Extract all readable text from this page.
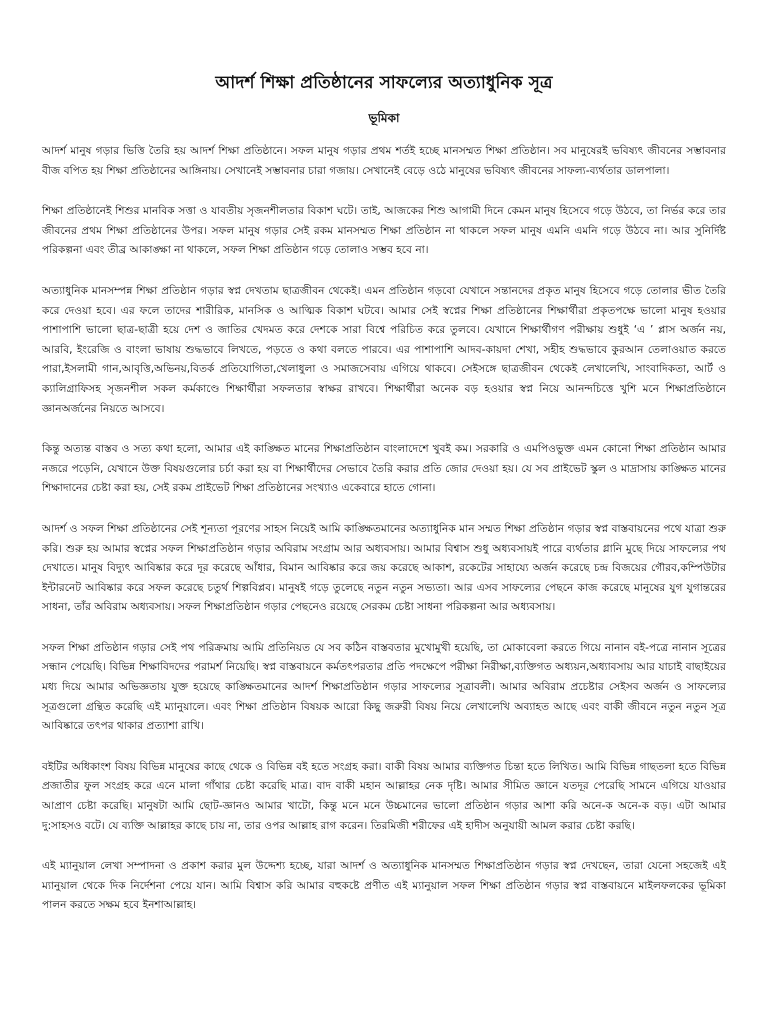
আদর্শ শিক্ষা প্রতিষ্ঠানের সাফল্যের অত্যাধুনিক সূত্র
ভূমিকা

আদর্শ মানুষ গড়ার ভিত্তি তৈরি হয় আদর্শ শিক্ষা প্রতিষ্ঠানে। সফল মানুষ গড়ার প্রথম শর্তই হচ্ছে মানসম্মত শিক্ষা প্রতিষ্ঠান। সব মানুষেরই ভবিষ্যৎ জীবনের সম্ভাবনার বীজ বপিত হয় শিক্ষা প্রতিষ্ঠানের আঙ্গিনায়। সেখানেই সম্ভাবনার চারা গজায়। সেখানেই বেড়ে ওঠে মানুষের ভবিষ্যৎ জীবনের সাফল্য-ব্যর্থতার ডালপালা।

শিক্ষা প্রতিষ্ঠানেই শিশুর মানবিক সত্তা ও যাবতীয় সৃজনশীলতার বিকাশ ঘটে। তাই, আজকের শিশু আগামী দিনে কেমন মানুষ হিসেবে গড়ে উঠবে, তা নির্ভর করে তার জীবনের প্রথম শিক্ষা প্রতিষ্ঠানের উপর। সফল মানুষ গড়ার সেই রকম মানসম্মত শিক্ষা প্রতিষ্ঠান না থাকলে সফল মানুষ এমনি এমনি গড়ে উঠবে না। আর সুনির্দিষ্ট পরিকল্পনা এবং তীব্র আকাঙ্ক্ষা না থাকলে, সফল শিক্ষা প্রতিষ্ঠান গড়ে তোলাও সম্ভব হবে না।

অত্যাধুনিক মানসম্পন্ন শিক্ষা প্রতিষ্ঠান গড়ার স্বপ্ন দেখতাম ছাত্রজীবন থেকেই। এমন প্রতিষ্ঠান গড়বো যেখানে সন্তানদের প্রকৃত মানুষ হিসেবে গড়ে তোলার ভীত তৈরি করে দেওয়া হবে। এর ফলে তাদের শারীরিক, মানসিক ও আত্মিক বিকাশ ঘটবে। আমার সেই স্বপ্নের শিক্ষা প্রতিষ্ঠানের শিক্ষার্থীরা প্রকৃতপক্ষে ভালো মানুষ হওয়ার পাশাপাশি ভালো ছাত্র-ছাত্রী হয়ে দেশ ও জাতির খেদমত করে দেশকে সারা বিশ্বে পরিচিত করে তুলবে। যেখানে শিক্ষার্থীগণ পরীক্ষায় শুধুই ‘এ ’ প্লাস অর্জন নয়, আরবি, ইংরেজি ও বাংলা ভাষায় শুদ্ধভাবে লিখতে, পড়তে ও কথা বলতে পারবে। এর পাশাপাশি আদব-কায়দা শেখা, সহীহ শুদ্ধভাবে কুরআন তেলাওয়াত করতে পারা,ইসলামী গান,আবৃত্তি,অভিনয়,বিতর্ক প্রতিযোগিতা,খেলাধুলা ও সমাজসেবায় এগিয়ে থাকবে। সেইসঙ্গে ছাত্রজীবন থেকেই লেখালেখি, সাংবাদিকতা, আর্ট ও ক্যালিগ্রাফিসহ সৃজনশীল সকল কর্মকাণ্ডে শিক্ষার্থীরা সফলতার স্বাক্ষর রাখবে। শিক্ষার্থীরা অনেক বড় হওয়ার স্বপ্ন নিয়ে আনন্দচিত্তে খুশি মনে শিক্ষাপ্রতিষ্ঠানে জ্ঞানঅর্জনের নিয়তে আসবে।

কিন্তু অত্যন্ত বাস্তব ও সত্য কথা হলো, আমার এই কাঙ্ক্ষিত মানের শিক্ষাপ্রতিষ্ঠান বাংলাদেশে খুবই কম। সরকারি ও এমপিওভুক্ত এমন কোনো শিক্ষা প্রতিষ্ঠান আমার নজরে পড়েনি, যেখানে উক্ত বিষয়গুলোর চর্চা করা হয় বা শিক্ষার্থীদের সেভাবে তৈরি করার প্রতি জোর দেওয়া হয়। যে সব প্রাইভেট স্কুল ও মাদ্রাসায় কাঙ্ক্ষিত মানের শিক্ষাদানের চেষ্টা করা হয়, সেই রকম প্রাইভেট শিক্ষা প্রতিষ্ঠানের সংখ্যাও একেবারে হাতে গোনা।

আদর্শ ও সফল শিক্ষা প্রতিষ্ঠানের সেই শূন্যতা পূরণের সাহস নিয়েই আমি কাঙ্ক্ষিতমানের অত্যাধুনিক মান সম্মত শিক্ষা প্রতিষ্ঠান গড়ার স্বপ্ন বাস্তবায়নের পথে যাত্রা শুরু করি। শুরু হয় আমার স্বপ্নের সফল শিক্ষাপ্রতিষ্ঠান গড়ার অবিরাম সংগ্রাম আর অধ্যবসায়। আমার বিশ্বাস শুধু অধ্যবসায়ই পারে ব্যর্থতার গ্লানি মুছে দিয়ে সাফল্যের পথ দেখাতে। মানুষ বিদ্যুৎ আবিষ্কার করে দূর করেছে আঁধার, বিমান আবিষ্কার করে জয় করেছে আকাশ, রকেটের সাহায্যে অর্জন করেছে চন্দ্র বিজয়ের গৌরব,কম্পিউটার ইন্টারনেট আবিষ্কার করে সফল করেছে চতুর্থ শিল্পবিপ্লব। মানুষই গড়ে তুলেছে নতুন নতুন সভ্যতা। আর এসব সাফল্যের পেছনে কাজ করেছে মানুষের যুগ যুগান্তরের সাধনা, তাঁর অবিরাম অধ্যবসায়। সফল শিক্ষাপ্রতিষ্ঠান গড়ার পেছনেও রয়েছে সেরকম চেষ্টা সাধনা পরিকল্পনা আর অধ্যবসায়।

সফল শিক্ষা প্রতিষ্ঠান গড়ার সেই পথ পরিক্রমায় আমি প্রতিনিয়ত যে সব কঠিন বাস্তবতার মুখোমুখী হয়েছি, তা মোকাবেলা করতে গিয়ে নানান বই-পত্রে নানান সূত্রের সন্ধান পেয়েছি। বিভিন্ন শিক্ষাবিদদের পরামর্শ নিয়েছি। স্বপ্ন বাস্তবায়নে কর্মতৎপরতার প্রতি পদক্ষেপে পরীক্ষা নিরীক্ষা,ব্যক্তিগত অধ্যয়ন,অধ্যাবসায় আর যাচাই বাছাইয়ের মধ্য দিয়ে আমার অভিজ্ঞতায় যুক্ত হয়েছে কাঙ্ক্ষিতমানের আদর্শ শিক্ষাপ্রতিষ্ঠান গড়ার সাফল্যের সূত্রাবলী। আমার অবিরাম প্রচেষ্টার সেইসব অর্জন ও সাফল্যের সূত্রগুলো গ্রন্থিত করেছি এই ম্যানুয়ালে। এবং শিক্ষা প্রতিষ্ঠান বিষয়ক আরো কিছু জরুরী বিষয় নিয়ে লেখালেখি অব্যাহত আছে এবং বাকী জীবনে নতুন নতুন সূত্র আবিষ্কারে তৎপর থাকার প্রত্যাশা রাখি।

বইটির অধিকাংশ বিষয় বিভিন্ন মানুষের কাছে থেকে ও বিভিন্ন বই হতে সংগ্রহ করা। বাকী বিষয় আমার ব্যক্তিগত চিন্তা হতে লিখিত। আমি বিভিন্ন গাছতলা হতে বিভিন্ন প্রজাতীর ফুল সংগ্রহ করে এনে মালা গাঁথার চেষ্টা করেছি মাত্র। বাদ বাকী মহান আল্লাহর নেক দৃষ্টি। আমার সীমিত জ্ঞানে যতদূর পেরেছি সামনে এগিয়ে যাওয়ার আপ্রাণ চেষ্টা করেছি। মানুষটা আমি ছোট-জ্ঞানও আমার খাটো, কিন্তু মনে মনে উচ্চমানের ভালো প্রতিষ্ঠান গড়ার আশা করি অনে-ক অনে-ক বড়। এটা আমার দু:সাহসও বটে। যে ব্যক্তি আল্লাহর কাছে চায় না, তার ওপর আল্লাহ রাগ করেন। তিরমিজী শরীফের এই হাদীস অনুযায়ী আমল করার চেষ্টা করছি।

এই ম্যানুয়াল লেখা সম্পাদনা ও প্রকাশ করার মুল উদ্দেশ্য হচ্ছে, যারা আদর্শ ও অত্যাধুনিক মানসম্মত শিক্ষাপ্রতিষ্ঠান গড়ার স্বপ্ন দেখছেন, তারা যেনো সহজেই এই ম্যানুয়াল থেকে দিক নির্দেশনা পেয়ে যান। আমি বিশ্বাস করি আমার বহুকষ্টে প্রণীত এই ম্যানুয়াল সফল শিক্ষা প্রতিষ্ঠান গড়ার স্বপ্ন বাস্তবায়নে মাইলফলকের ভূমিকা পালন করতে সক্ষম হবে ইনশাআল্লাহ।
